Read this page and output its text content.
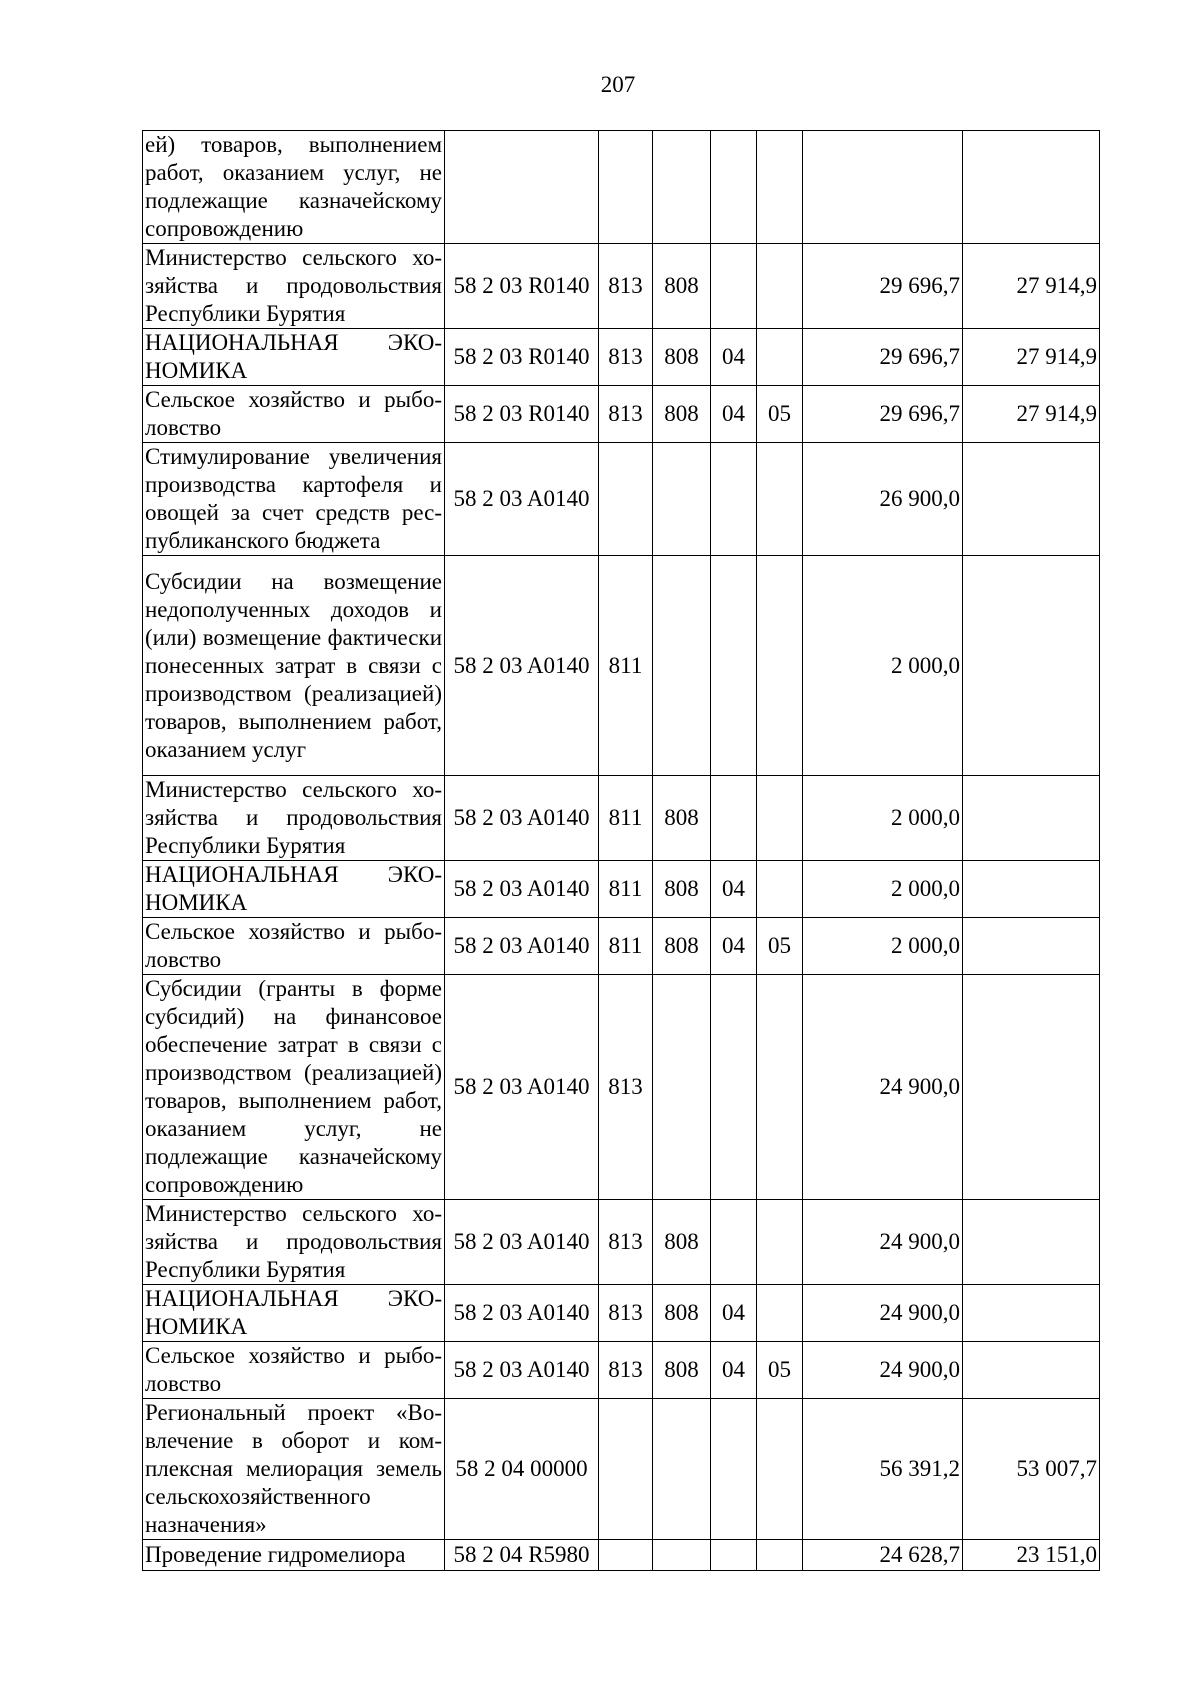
207
ей) товаров, выполнением работ, оказанием услуг, не подлежащие казначейскому сопровождению							
Министерство сельского хозяйства и продовольствия Республики Бурятия	58 2 03 R0140	813	808			29 696,7	27 914,9
НАЦИОНАЛЬНАЯ ЭКОНОМИКА	58 2 03 R0140	813	808	04		29 696,7	27 914,9
Сельское хозяйство и рыболовство	58 2 03 R0140	813	808	04	05	29 696,7	27 914,9
Стимулирование увеличения производства картофеля и овощей за счет средств республиканского бюджета	58 2 03 A0140					26 900,0	
Субсидии на возмещение недополученных доходов и (или) возмещение фактически понесенных затрат в связи с производством (реализацией) товаров, выполнением работ, оказанием услуг	58 2 03 A0140	811				2 000,0	
Министерство сельского хозяйства и продовольствия Республики Бурятия	58 2 03 A0140	811	808			2 000,0	
НАЦИОНАЛЬНАЯ ЭКОНОМИКА	58 2 03 A0140	811	808	04		2 000,0	
Сельское хозяйство и рыболовство	58 2 03 A0140	811	808	04	05	2 000,0	
Субсидии (гранты в форме субсидий) на финансовое обеспечение затрат в связи с производством (реализацией) товаров, выполнением работ, оказанием услуг, не подлежащие казначейскому сопровождению	58 2 03 A0140	813				24 900,0	
Министерство сельского хозяйства и продовольствия Республики Бурятия	58 2 03 A0140	813	808			24 900,0	
НАЦИОНАЛЬНАЯ ЭКОНОМИКА	58 2 03 A0140	813	808	04		24 900,0	
Сельское хозяйство и рыболовство	58 2 03 A0140	813	808	04	05	24 900,0	
Региональный проект «Вовлечение в оборот и комплексная мелиорация земель сельскохозяйственного назначения»	58 2 04 00000					56 391,2	53 007,7
Проведение гидромелиора	58 2 04 R5980					24 628,7	23 151,0
